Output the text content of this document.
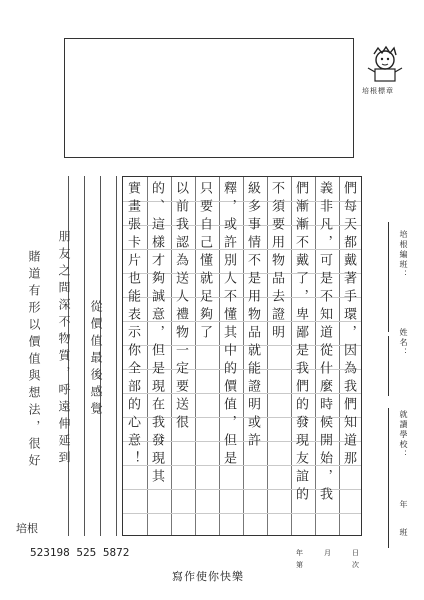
培根標章
們每天都戴著手環，因為我們知道那
義非凡，可是不知道從什麼時候開始，我
們漸漸不戴了，卑鄙是我們的發現友誼的
不須要用物品去證明
級多事情不是用物品就能證明或許
釋，或許別人不懂其中的價值，但是
只要自己懂就足夠了
以前我認為送人禮物一定要送很
的、這樣才夠誠意，但是現在我發現其
實畫張卡片也能表示你全部的心意！
從價值最後感覺
朋友之間深不物質，呼遠伸延到
賭道有形以價值與想法，很好	培根編班：
姓名：
就讀學校：
年
班
年	月	日
第	次
培根
523198 525 5872
寫作使你快樂
